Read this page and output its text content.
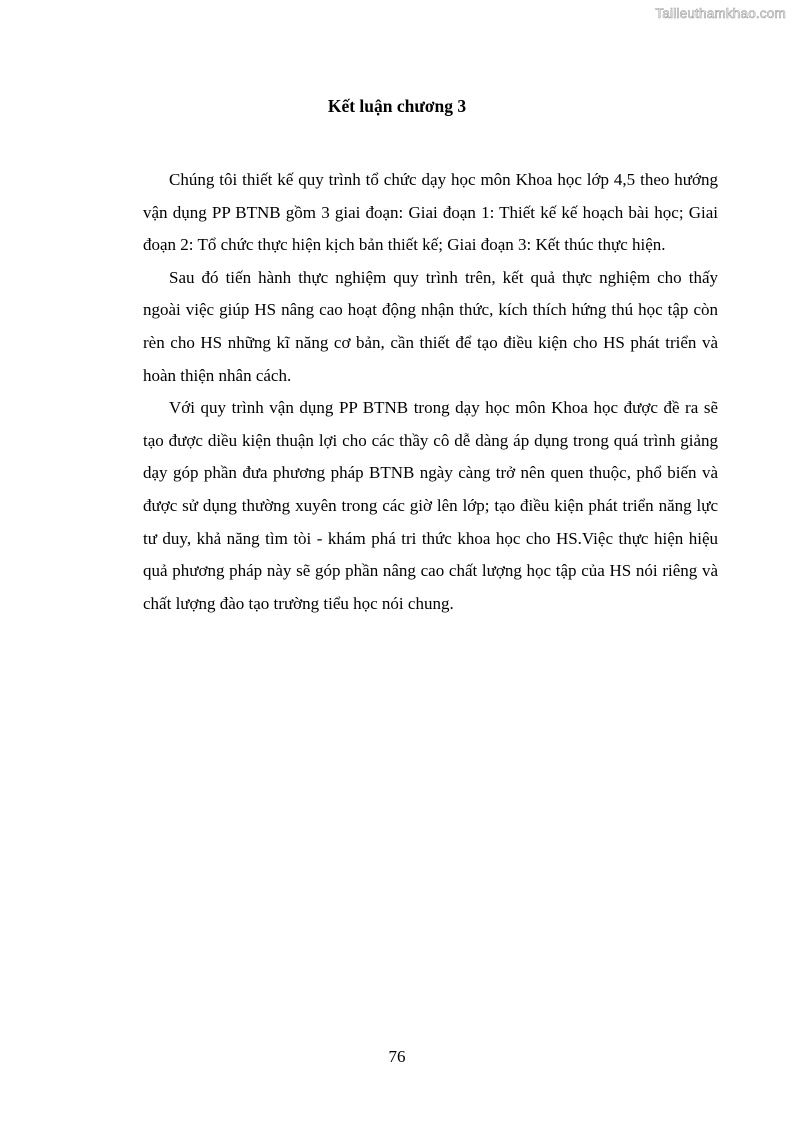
Tailieuthamkhao.com
Kết luận chương 3

Chúng tôi thiết kế quy trình tổ chức dạy học môn Khoa học lớp 4,5 theo hướng vận dụng PP BTNB gồm 3 giai đoạn: Giai đoạn 1: Thiết kế kế hoạch bài học; Giai đoạn 2: Tổ chức thực hiện kịch bản thiết kế; Giai đoạn 3: Kết thúc thực hiện.

Sau đó tiến hành thực nghiệm quy trình trên, kết quả thực nghiệm cho thấy ngoài việc giúp HS nâng cao hoạt động nhận thức, kích thích hứng thú học tập còn rèn cho HS những kĩ năng cơ bản, cần thiết để tạo điều kiện cho HS phát triển và hoàn thiện nhân cách.

Với quy trình vận dụng PP BTNB trong dạy học môn Khoa học được đề ra sẽ tạo được diều kiện thuận lợi cho các thầy cô dễ dàng áp dụng trong quá trình giảng dạy góp phần đưa phương pháp BTNB ngày càng trở nên quen thuộc, phổ biến và được sử dụng thường xuyên trong các giờ lên lớp; tạo điều kiện phát triển năng lực tư duy, khả năng tìm tòi - khám phá tri thức khoa học cho HS.Việc thực hiện hiệu quả phương pháp này sẽ góp phần nâng cao chất lượng học tập của HS nói riêng và chất lượng đào tạo trường tiểu học nói chung.

76
